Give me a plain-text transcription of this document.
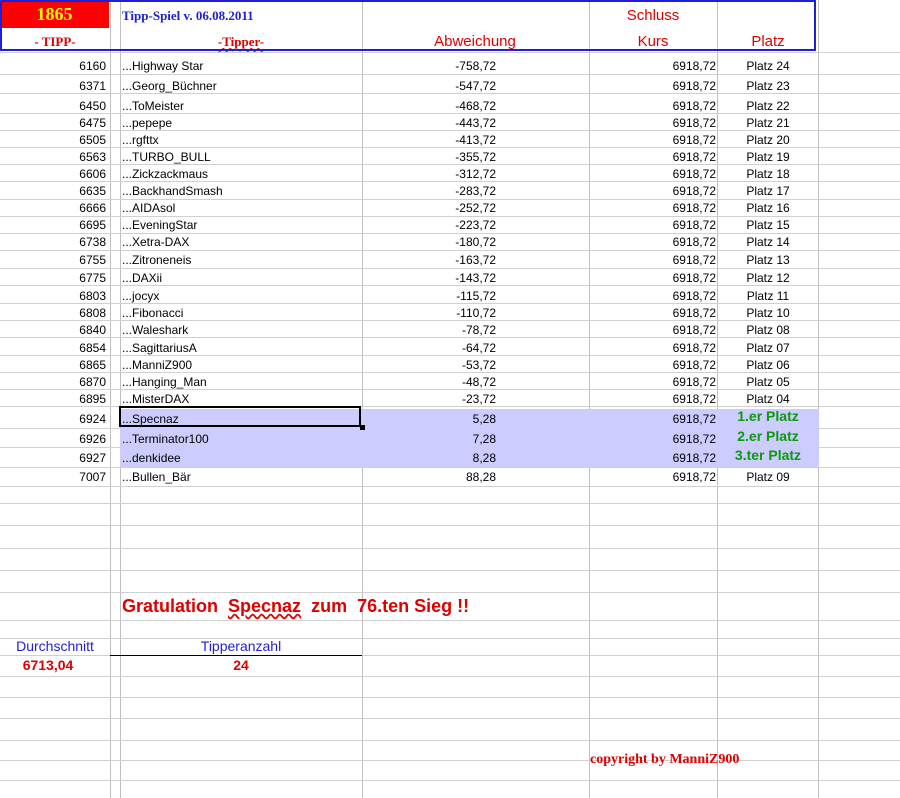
1865	Tipp-Spiel v. 06.08.2011	Schluss
- TIPP-	-Tipper-	Abweichung	Kurs	Platz
6160 ...Highway Star	-758,72	6918,72	Platz 24
6371 ...Georg_Büchner	-547,72	6918,72	Platz 23
6450 ...ToMeister	-468,72	6918,72	Platz 22
6475 ...pepepe	-443,72	6918,72	Platz 21
6505 ...rgfttx	-413,72	6918,72	Platz 20
6563 ...TURBO_BULL	-355,72	6918,72	Platz 19
6606 ...Zickzackmaus	-312,72	6918,72	Platz 18
6635 ...BackhandSmash	-283,72	6918,72	Platz 17
6666 ...AIDAsol	-252,72	6918,72	Platz 16
6695 ...EveningStar	-223,72	6918,72	Platz 15
6738 ...Xetra-DAX	-180,72	6918,72	Platz 14
6755 ...Zitroneneis	-163,72	6918,72	Platz 13
6775 ...DAXii	-143,72	6918,72	Platz 12
6803 ...jocyx	-115,72	6918,72	Platz 11
6808 ...Fibonacci	-110,72	6918,72	Platz 10
6840 ...Waleshark	-78,72	6918,72	Platz 08
6854 ...SagittariusA	-64,72	6918,72	Platz 07
6865 ...ManniZ900	-53,72	6918,72	Platz 06
6870 ...Hanging_Man	-48,72	6918,72	Platz 05
6895 ...MisterDAX	-23,72	6918,72	Platz 04
6924 ...Specnaz	5,28	6918,72	1.er Platz
6926 ...Terminator100	7,28	6918,72	2.er Platz
6927 ...denkidee	8,28	6918,72	3.ter Platz
7007 ...Bullen_Bär	88,28	6918,72	Platz 09
Gratulation Specnaz zum 76.ten Sieg !!
Durchschnitt	Tipperanzahl
6713,04	24
copyright by ManniZ900
